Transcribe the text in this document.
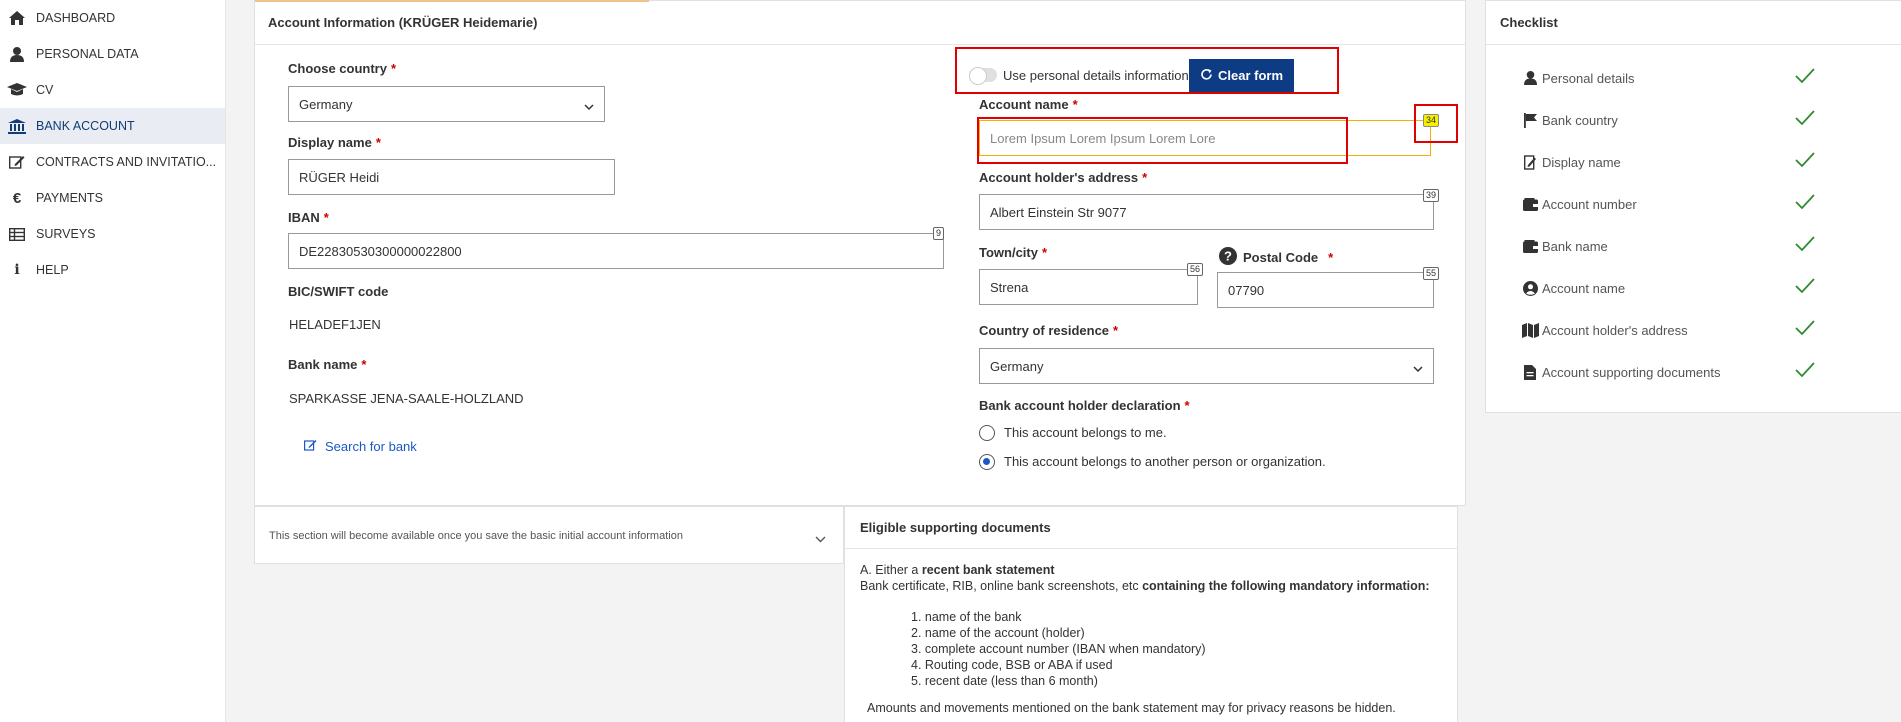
DASHBOARD
PERSONAL DATA
CV
BANK ACCOUNT
CONTRACTS AND INVITATIO...
€	PAYMENTS
SURVEYS
i	HELP
Account Information (KRÜGER Heidemarie)
Choose country *
Germany
Display name *
RÜGER Heidi
IBAN *
DE22830530300000022800
9
BIC/SWIFT code
HELADEF1JEN
Bank name *
SPARKASSE JENA-SAALE-HOLZLAND
Search for bank
Use personal details information Clear form
Account name *
Lorem Ipsum Lorem Ipsum Lorem Lore
34
Account holder's address *
Albert Einstein Str 9077
39
Town/city *
Strena
56
? Postal Code *
07790
55
Country of residence *
Germany
Bank account holder declaration *
This account belongs to me.
This account belongs to another person or organization.
This section will become available once you save the basic initial account information
Eligible supporting documents
A. Either a recent bank statement
Bank certificate, RIB, online bank screenshots, etc containing the following mandatory information:
1. name of the bank
2. name of the account (holder)
3. complete account number (IBAN when mandatory)
4. Routing code, BSB or ABA if used
5. recent date (less than 6 month)
Amounts and movements mentioned on the bank statement may for privacy reasons be hidden.
Checklist
Personal details
Bank country
Display name
Account number
Bank name
Account name
Account holder's address
Account supporting documents
